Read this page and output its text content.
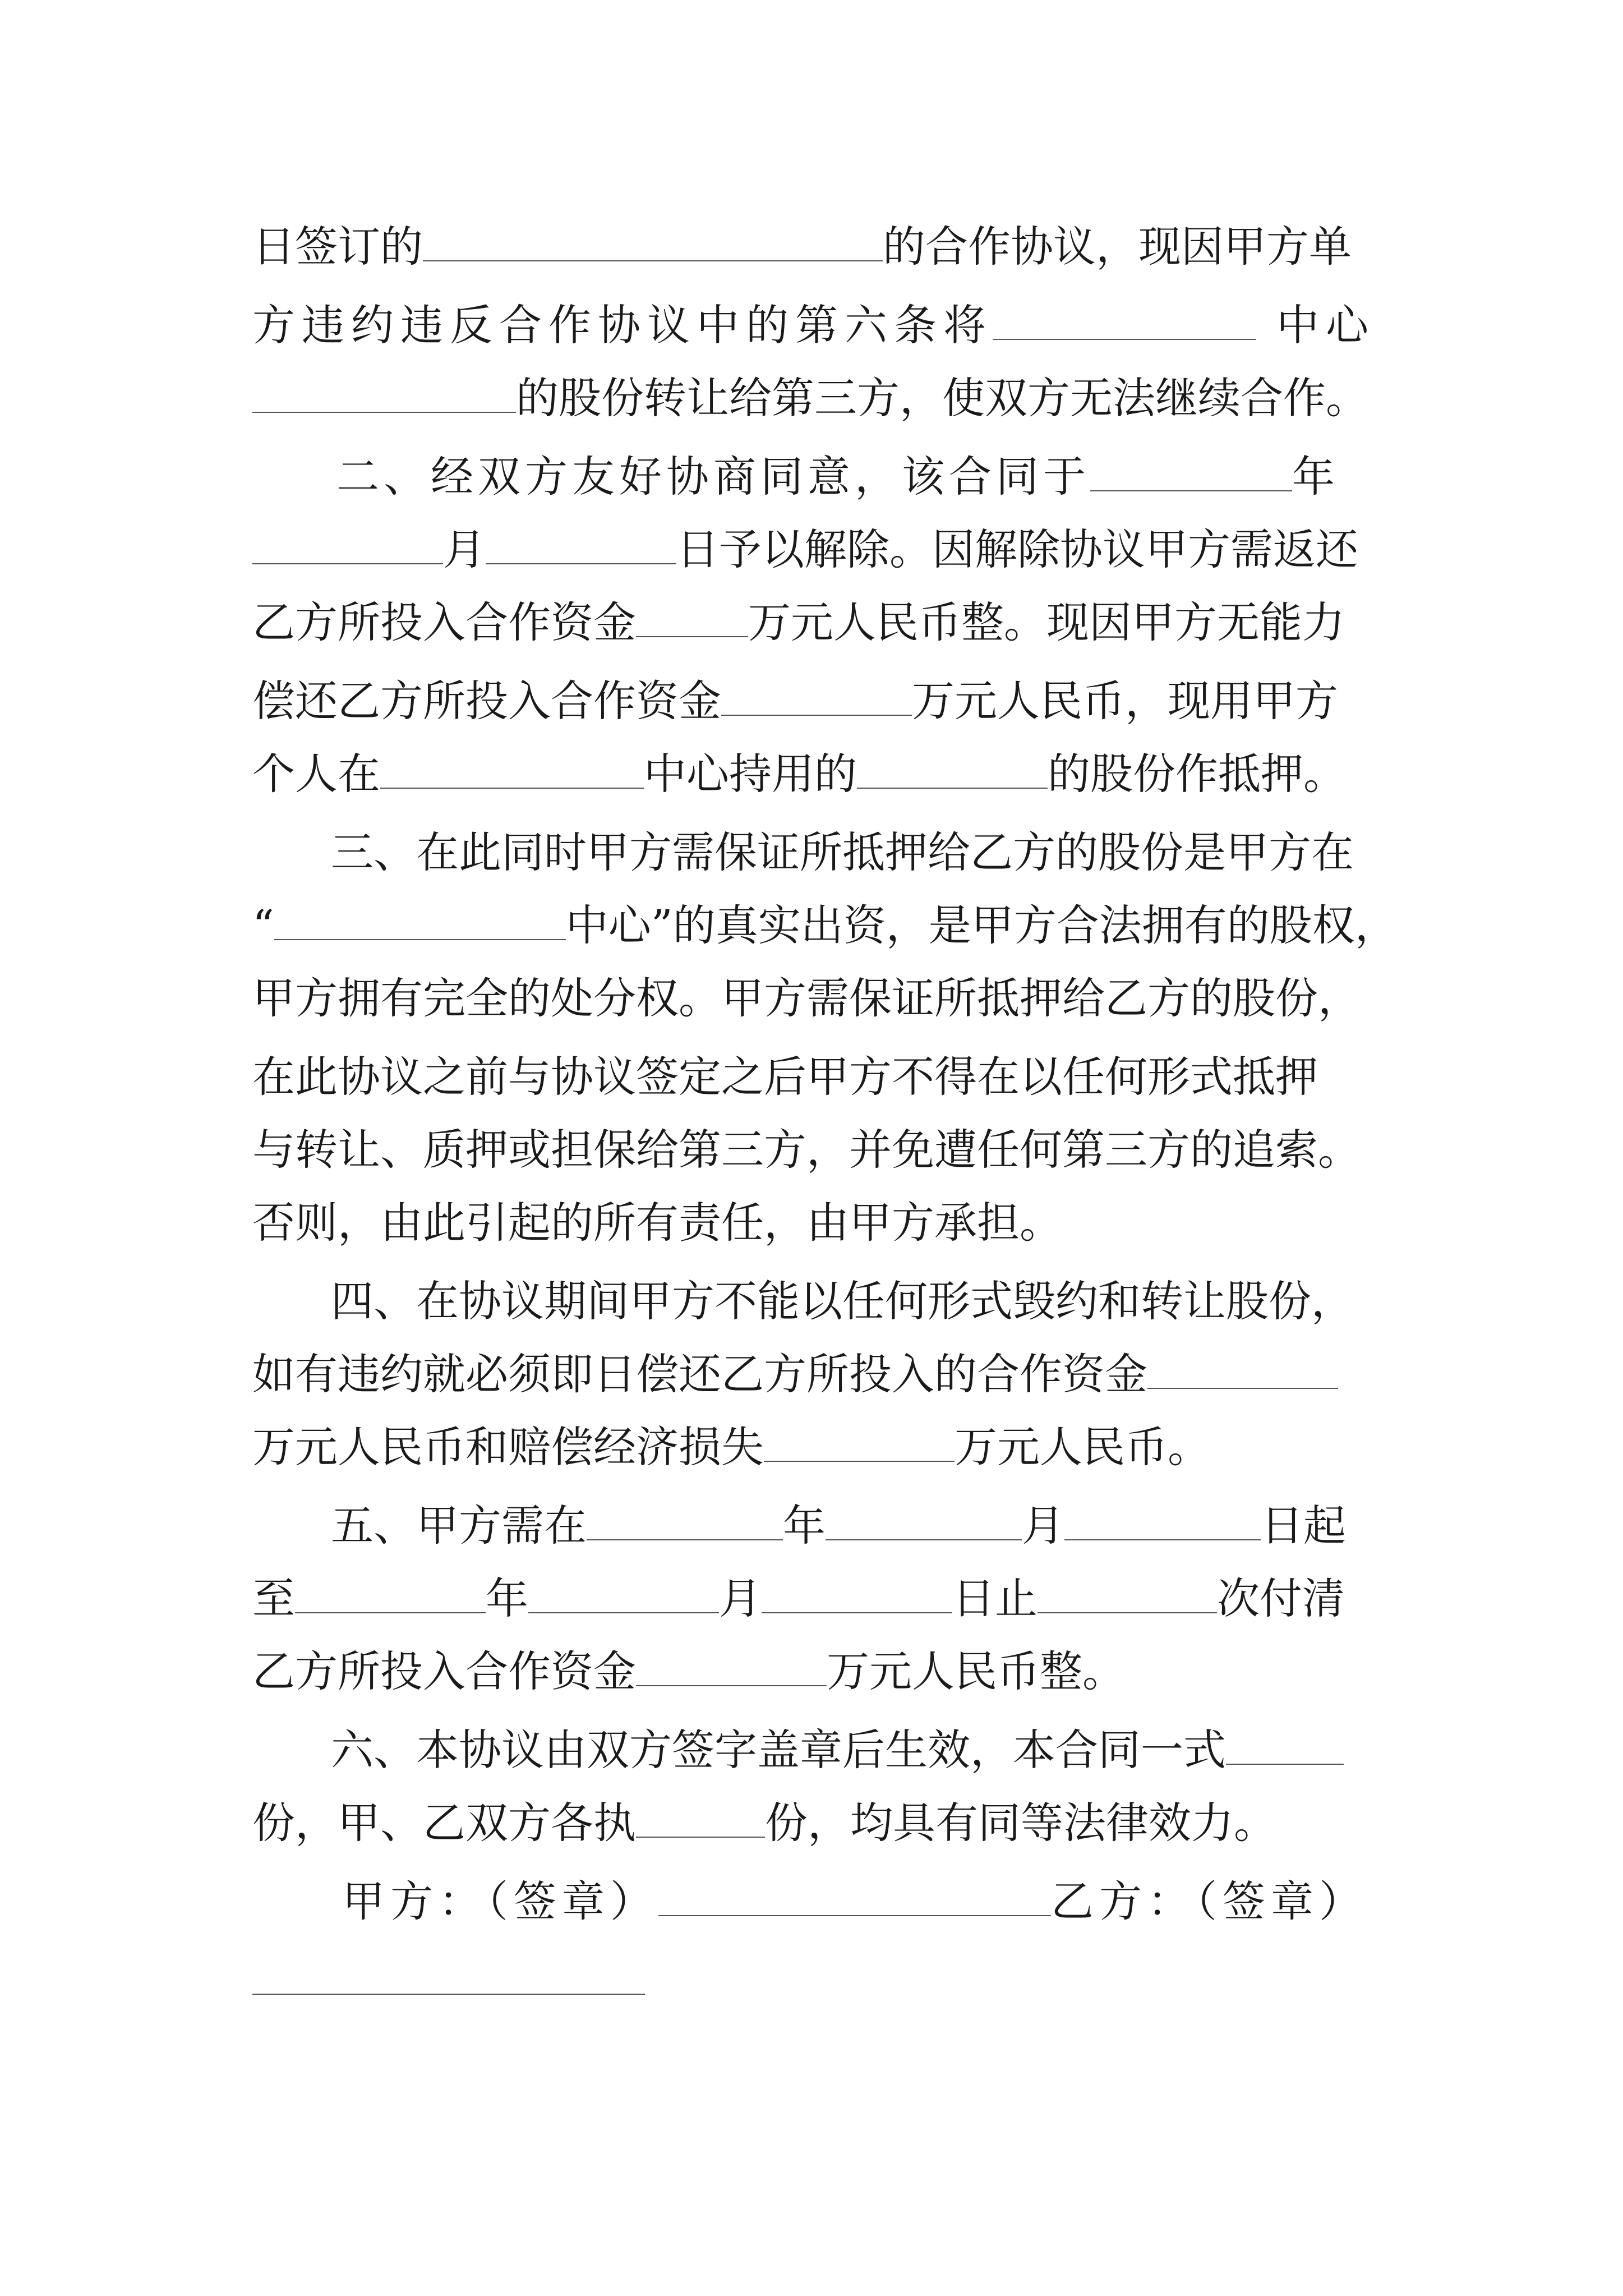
日签订的	的合作协议，现因甲方单
方违约违反合作协议中的第六条将	中心
的股份转让给第三方，使双方无法继续合作。
二、经双方友好协商同意，该合同于	年
月	日予以解除。因解除协议甲方需返还
乙方所投入合作资金	万元人民币整。现因甲方无能力
偿还乙方所投入合作资金	万元人民币，现用甲方
个人在	中心持用的	的股份作抵押。
三、在此同时甲方需保证所抵押给乙方的股份是甲方在
“	中心”的真实出资，是甲方合法拥有的股权，
甲方拥有完全的处分权。甲方需保证所抵押给乙方的股份，
在此协议之前与协议签定之后甲方不得在以任何形式抵押
与转让、质押或担保给第三方，并免遭任何第三方的追索。
否则，由此引起的所有责任，由甲方承担。
四、在协议期间甲方不能以任何形式毁约和转让股份，
如有违约就必须即日偿还乙方所投入的合作资金
万元人民币和赔偿经济损失	万元人民币。
五、甲方需在	年	月	日起
至	年	月	日止	次付清
乙方所投入合作资金	万元人民币整。
六、本协议由双方签字盖章后生效，本合同一式
份，甲、乙双方各执	份，均具有同等法律效力。
甲方：（签章）	乙方：（签章）
